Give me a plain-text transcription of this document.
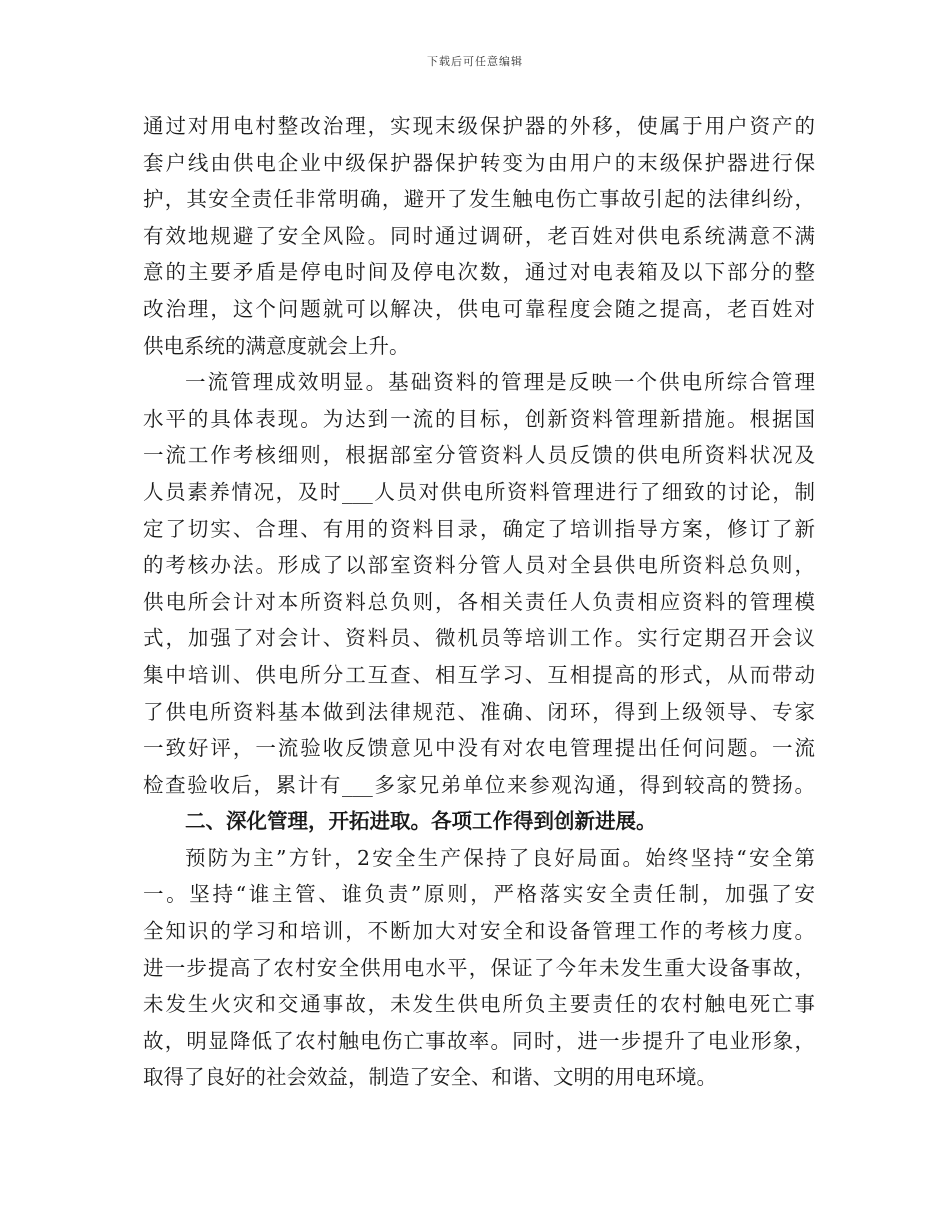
下载后可任意编辑
通过对用电村整改治理，实现末级保护器的外移，使属于用户资产的
套户线由供电企业中级保护器保护转变为由用户的末级保护器进行保
护，其安全责任非常明确，避开了发生触电伤亡事故引起的法律纠纷，
有效地规避了安全风险。同时通过调研，老百姓对供电系统满意不满
意的主要矛盾是停电时间及停电次数，通过对电表箱及以下部分的整
改治理，这个问题就可以解决，供电可靠程度会随之提高，老百姓对
供电系统的满意度就会上升。
一流管理成效明显。基础资料的管理是反映一个供电所综合管理
水平的具体表现。为达到一流的目标，创新资料管理新措施。根据国
一流工作考核细则，根据部室分管资料人员反馈的供电所资料状况及
人员素养情况，及时___人员对供电所资料管理进行了细致的讨论，制
定了切实、合理、有用的资料目录，确定了培训指导方案，修订了新
的考核办法。形成了以部室资料分管人员对全县供电所资料总负则，
供电所会计对本所资料总负则，各相关责任人负责相应资料的管理模
式，加强了对会计、资料员、微机员等培训工作。实行定期召开会议
集中培训、供电所分工互查、相互学习、互相提高的形式，从而带动
了供电所资料基本做到法律规范、准确、闭环，得到上级领导、专家
一致好评，一流验收反馈意见中没有对农电管理提出任何问题。一流
检查验收后，累计有___多家兄弟单位来参观沟通，得到较高的赞扬。
二、深化管理，开拓进取。各项工作得到创新进展。
预防为主”方针，2安全生产保持了良好局面。始终坚持“安全第
一。坚持“谁主管、谁负责”原则，严格落实安全责任制，加强了安
全知识的学习和培训，不断加大对安全和设备管理工作的考核力度。
进一步提高了农村安全供用电水平，保证了今年未发生重大设备事故，
未发生火灾和交通事故，未发生供电所负主要责任的农村触电死亡事
故，明显降低了农村触电伤亡事故率。同时，进一步提升了电业形象，
取得了良好的社会效益，制造了安全、和谐、文明的用电环境。
